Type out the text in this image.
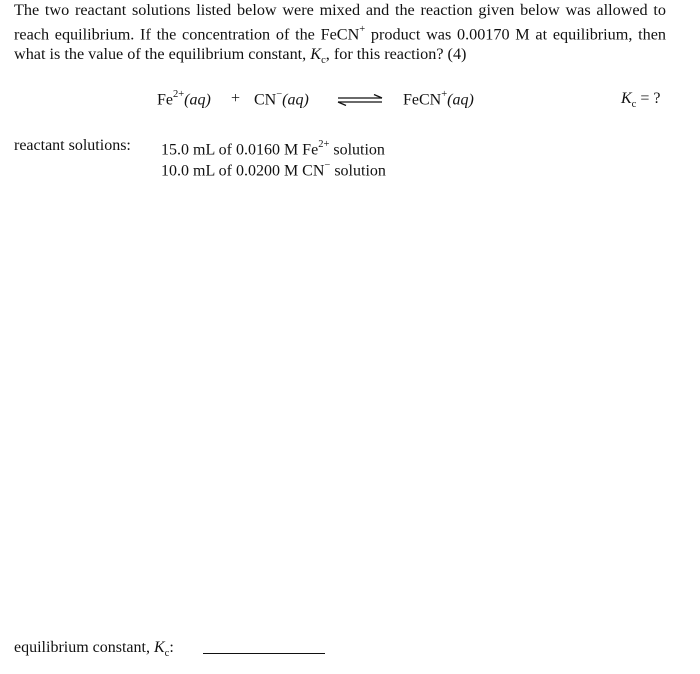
The two reactant solutions listed below were mixed and the reaction given below was allowed to reach equilibrium. If the concentration of the FeCN+ product was 0.00170 M at equilibrium, then what is the value of the equilibrium constant, $K_c$, for this reaction? (4)
$Fe^{2+}(aq) + CN^-(aq)$ ⇌ FeCN+(aq)	$K_c$ = ?
reactant solutions: 15.0 mL of 0.0160 M $Fe^{2+}$ solution
10.0 mL of 0.0200 M CN− solution
equilibrium constant, $K_c$:
